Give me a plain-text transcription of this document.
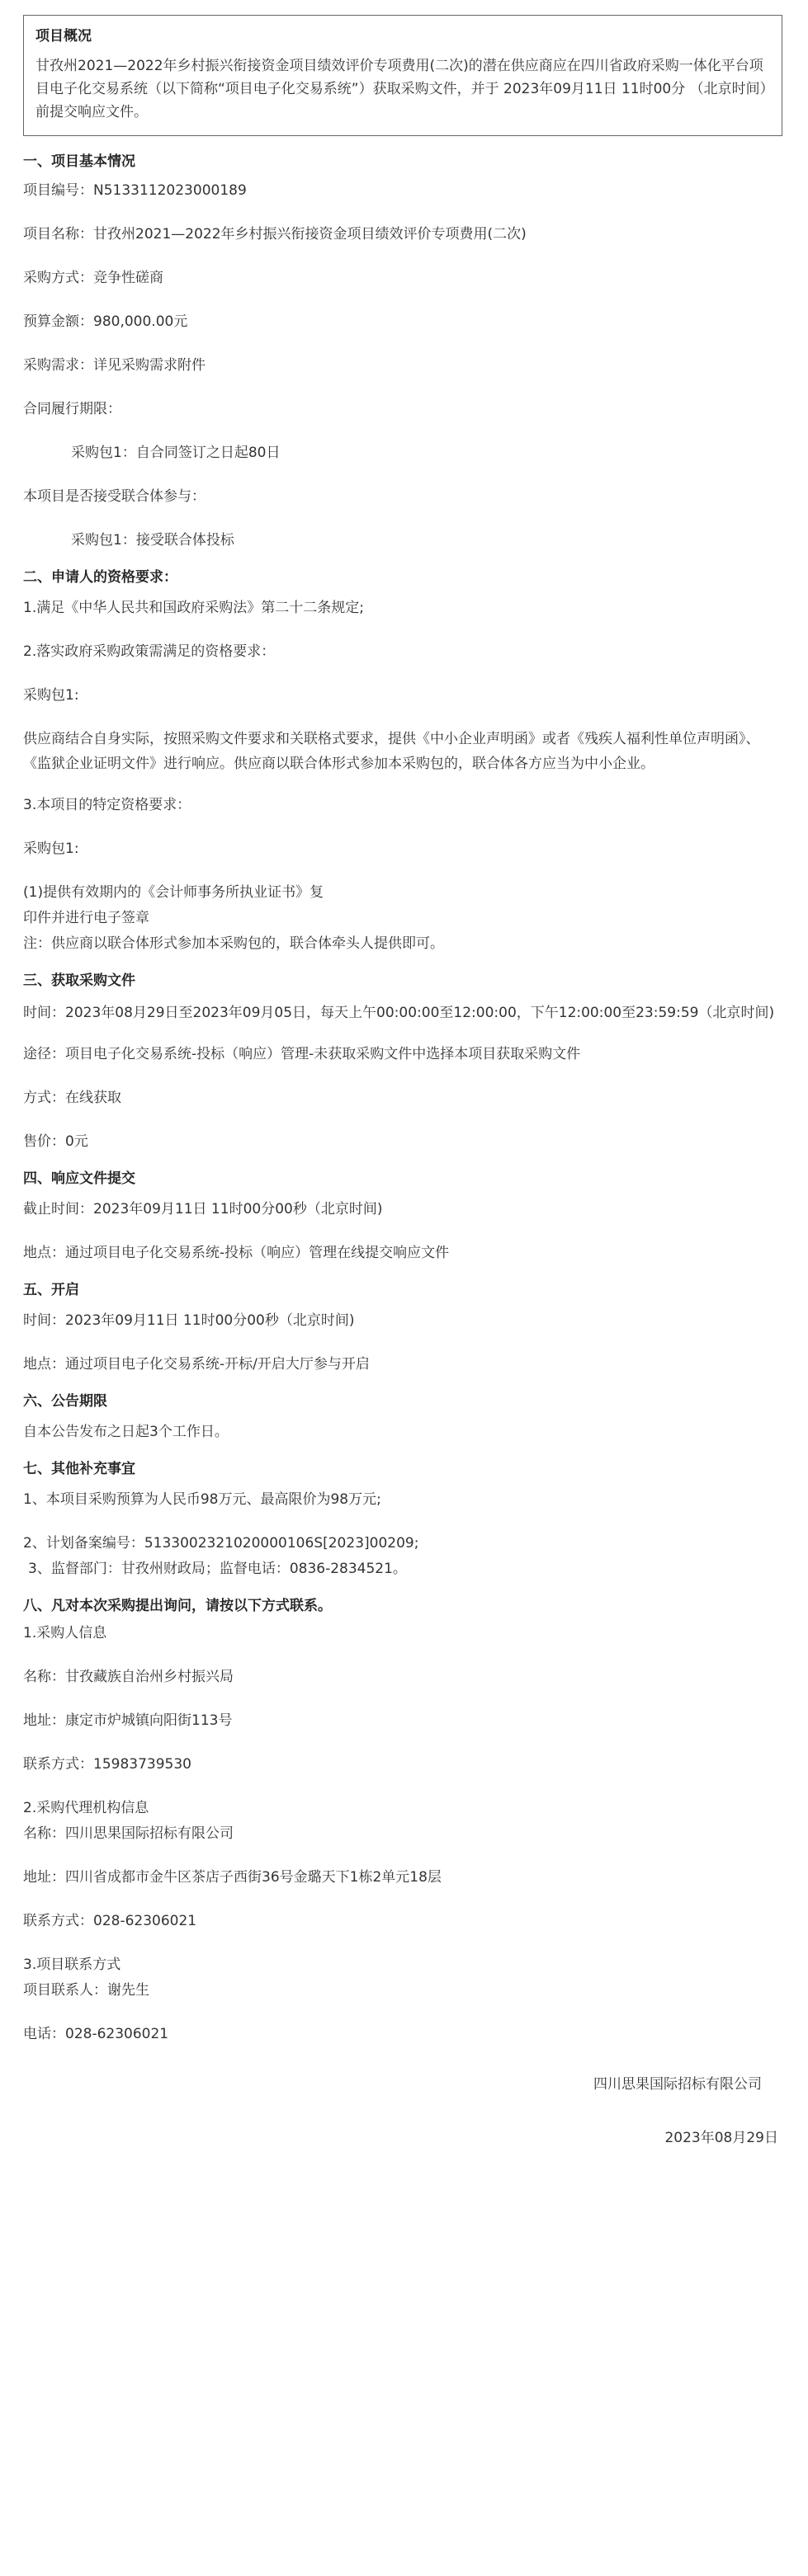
项目概况
甘孜州2021—2022年乡村振兴衔接资金项目绩效评价专项费用(二次)的潜在供应商应在四川省政府采购一体化平台项目电子化交易系统（以下简称“项目电子化交易系统”）获取采购文件，并于 2023年09月11日 11时00分 （北京时间）前提交响应文件。
一、项目基本情况
项目编号：N5133112023000189
项目名称：甘孜州2021—2022年乡村振兴衔接资金项目绩效评价专项费用(二次)
采购方式：竞争性磋商
预算金额：980,000.00元
采购需求：详见采购需求附件
合同履行期限：
采购包1：自合同签订之日起80日
本项目是否接受联合体参与：
采购包1：接受联合体投标
二、申请人的资格要求：
1.满足《中华人民共和国政府采购法》第二十二条规定;
2.落实政府采购政策需满足的资格要求：
采购包1:
供应商结合自身实际，按照采购文件要求和关联格式要求，提供《中小企业声明函》或者《残疾人福利性单位声明函》、《监狱企业证明文件》进行响应。供应商以联合体形式参加本采购包的，联合体各方应当为中小企业。
3.本项目的特定资格要求：
采购包1:
(1)提供有效期内的《会计师事务所执业证书》复
印件并进行电子签章
注：供应商以联合体形式参加本采购包的，联合体牵头人提供即可。
三、获取采购文件
时间：2023年08月29日至2023年09月05日，每天上午00:00:00至12:00:00，下午12:00:00至23:59:59（北京时间)
途径：项目电子化交易系统-投标（响应）管理-未获取采购文件中选择本项目获取采购文件
方式：在线获取
售价：0元
四、响应文件提交
截止时间：2023年09月11日 11时00分00秒（北京时间)
地点：通过项目电子化交易系统-投标（响应）管理在线提交响应文件
五、开启
时间：2023年09月11日 11时00分00秒（北京时间)
地点：通过项目电子化交易系统-开标/开启大厅参与开启
六、公告期限
自本公告发布之日起3个工作日。
七、其他补充事宜
1、本项目采购预算为人民币98万元、最高限价为98万元;
2、计划备案编号：5133002321020000106S[2023]00209;
3、监督部门：甘孜州财政局；监督电话：0836-2834521。
八、凡对本次采购提出询问，请按以下方式联系。
1.采购人信息
名称：甘孜藏族自治州乡村振兴局
地址：康定市炉城镇向阳街113号
联系方式：15983739530
2.采购代理机构信息
名称：四川思果国际招标有限公司
地址：四川省成都市金牛区茶店子西街36号金璐天下1栋2单元18层
联系方式：028-62306021
3.项目联系方式
项目联系人：谢先生
电话：028-62306021
四川思果国际招标有限公司
2023年08月29日
